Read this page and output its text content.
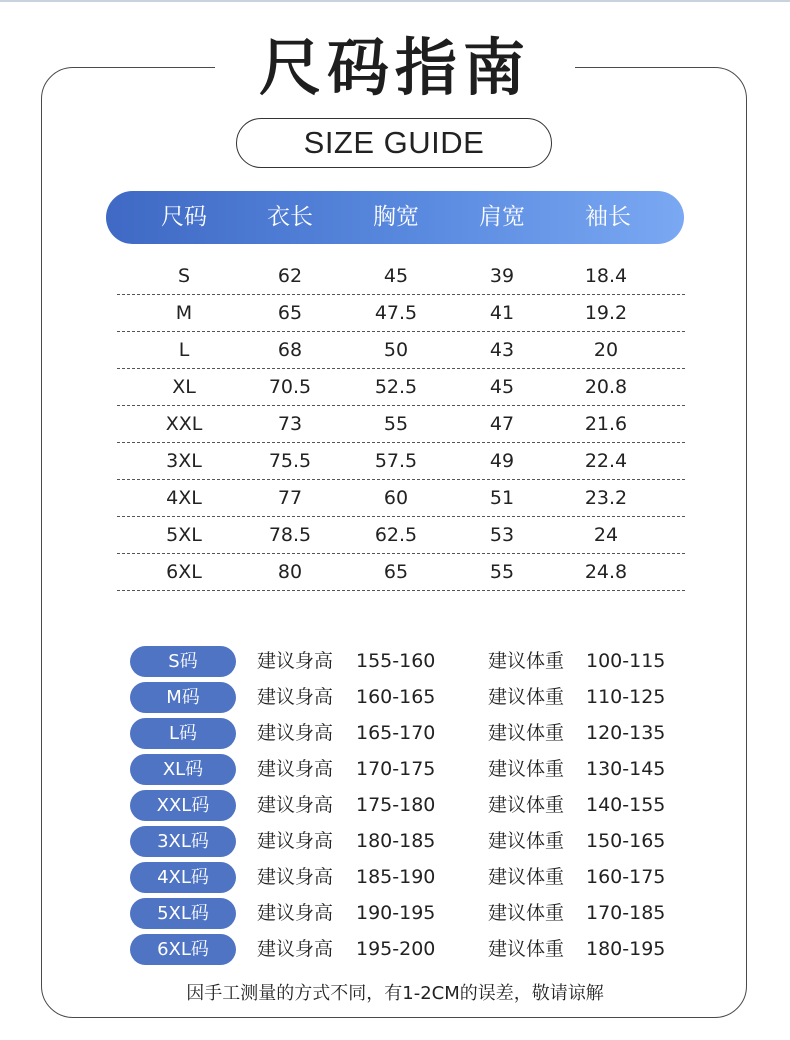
尺码指南
SIZE GUIDE
尺码	衣长	胸宽	肩宽	袖长
S	62	45	39	18.4
M	65	47.5	41	19.2
L	68	50	43	20
XL	70.5	52.5	45	20.8
XXL	73	55	47	21.6
3XL	75.5	57.5	49	22.4
4XL	77	60	51	23.2
5XL	78.5	62.5	53	24
6XL	80	65	55	24.8
S码	建议身高 155-160	建议体重 100-115
M码	建议身高 160-165	建议体重 110-125
L码	建议身高 165-170	建议体重 120-135
XL码	建议身高 170-175	建议体重 130-145
XXL码	建议身高 175-180	建议体重 140-155
3XL码	建议身高 180-185	建议体重 150-165
4XL码	建议身高 185-190	建议体重 160-175
5XL码	建议身高 190-195	建议体重 170-185
6XL码	建议身高 195-200	建议体重 180-195
因手工测量的方式不同，有1-2CM的误差，敬请谅解
